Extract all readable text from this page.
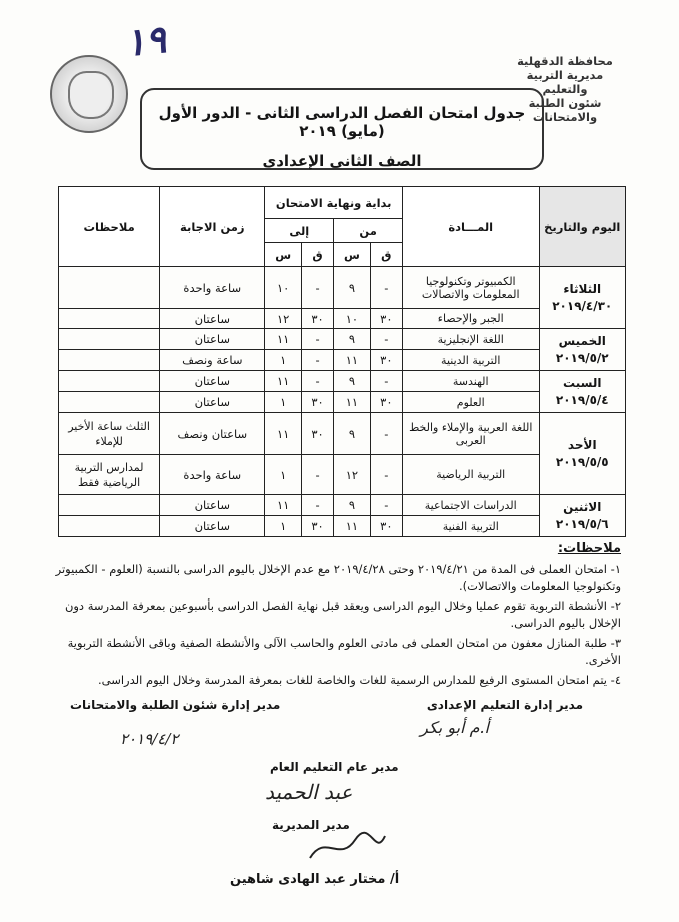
١٩	محافظة الدقهلية
مديرية التربية والتعليم
شئون الطلبة والامتحانات
جدول امتحان الفصل الدراسى الثانى - الدور الأول (مايو) ٢٠١٩
الصف الثانى الإعدادى
اليوم والتاريخ	المـــادة	بداية ونهاية الامتحان				زمن الاجابة	ملاحظات
		من		إلى			
		ق	س	ق	س		

الثلاثاء
٢٠١٩/٤/٣٠	الكمبيوتر وتكنولوجيا المعلومات والاتصالات	-	٩	-	١٠	ساعة واحدة	
	الجبر والإحصاء	٣٠	١٠	٣٠	١٢	ساعتان	

الخميس
٢٠١٩/٥/٢	اللغة الإنجليزية	-	٩	-	١١	ساعتان	
	التربية الدينية	٣٠	١١	-	١	ساعة ونصف	

السبت
٢٠١٩/٥/٤	الهندسة	-	٩	-	١١	ساعتان	
	العلوم	٣٠	١١	٣٠	١	ساعتان	

الأحد
٢٠١٩/٥/٥	اللغة العربية والإملاء والخط العربى	-	٩	٣٠	١١	ساعتان ونصف	الثلث ساعة الأخير للإملاء
	التربية الرياضية	-	١٢	-	١	ساعة واحدة	لمدارس التربية الرياضية فقط

الاثنين
٢٠١٩/٥/٦	الدراسات الاجتماعية	-	٩	-	١١	ساعتان	
	التربية الفنية	٣٠	١١	٣٠	١	ساعتان	
ملاحظات:
١- امتحان العملى فى المدة من ٢٠١٩/٤/٢١ وحتى ٢٠١٩/٤/٢٨ مع عدم الإخلال باليوم الدراسى بالنسبة (العلوم - الكمبيوتر وتكنولوجيا المعلومات والاتصالات).
٢- الأنشطة التربوية تقوم عمليا وخلال اليوم الدراسى ويعقد قبل نهاية الفصل الدراسى بأسبوعين بمعرفة المدرسة دون الإخلال باليوم الدراسى.
٣- طلبة المنازل معفون من امتحان العملى فى مادتى العلوم والحاسب الآلى والأنشطة الصفية وباقى الأنشطة التربوية الأخرى.
٤- يتم امتحان المستوى الرفيع للمدارس الرسمية للغات والخاصة للغات بمعرفة المدرسة وخلال اليوم الدراسى.
مدير إدارة التعليم الإعدادى
مدير إدارة شئون الطلبة والامتحانات
أ.م أبو بكر
٢٠١٩/٤/٢
مدير عام التعليم العام
عبد الحميد
مدير المديرية
أ/ مختار عبد الهادى شاهين
